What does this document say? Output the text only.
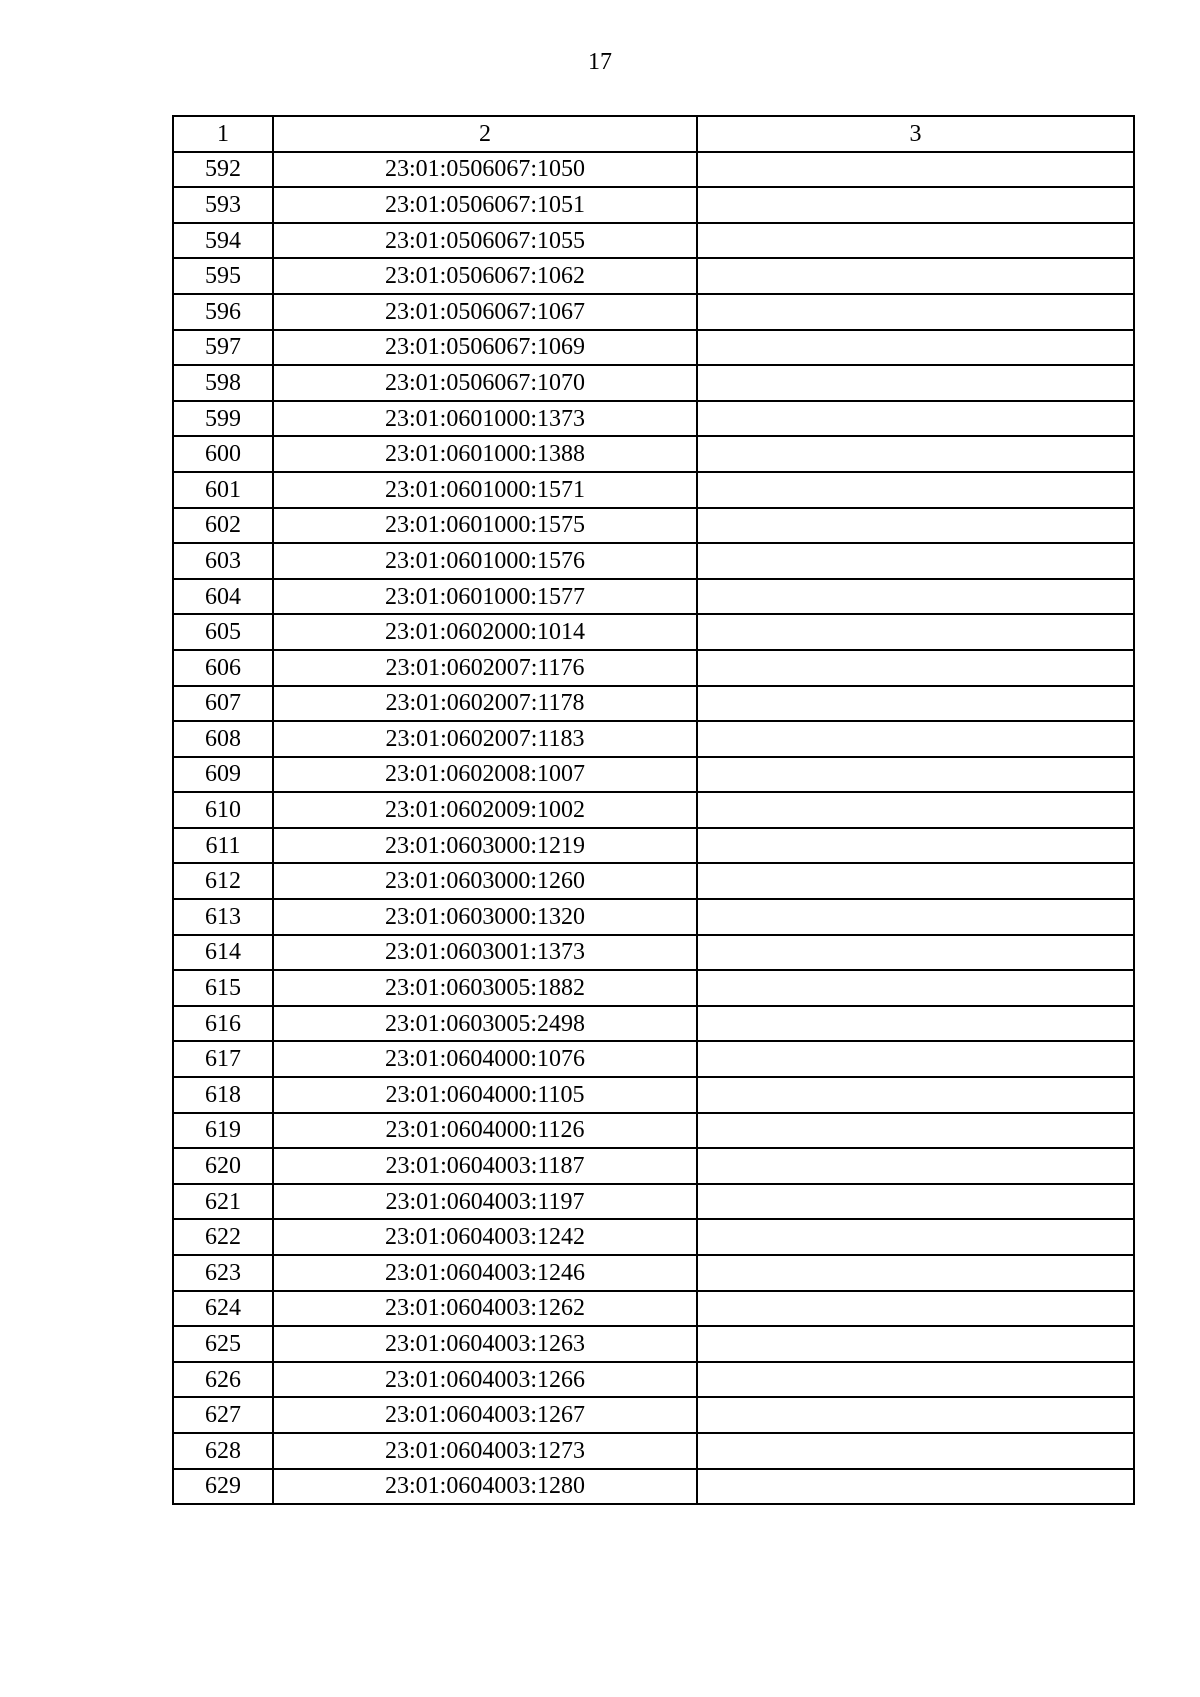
17
1	2	3
592	23:01:0506067:1050	
593	23:01:0506067:1051	
594	23:01:0506067:1055	
595	23:01:0506067:1062	
596	23:01:0506067:1067	
597	23:01:0506067:1069	
598	23:01:0506067:1070	
599	23:01:0601000:1373	
600	23:01:0601000:1388	
601	23:01:0601000:1571	
602	23:01:0601000:1575	
603	23:01:0601000:1576	
604	23:01:0601000:1577	
605	23:01:0602000:1014	
606	23:01:0602007:1176	
607	23:01:0602007:1178	
608	23:01:0602007:1183	
609	23:01:0602008:1007	
610	23:01:0602009:1002	
611	23:01:0603000:1219	
612	23:01:0603000:1260	
613	23:01:0603000:1320	
614	23:01:0603001:1373	
615	23:01:0603005:1882	
616	23:01:0603005:2498	
617	23:01:0604000:1076	
618	23:01:0604000:1105	
619	23:01:0604000:1126	
620	23:01:0604003:1187	
621	23:01:0604003:1197	
622	23:01:0604003:1242	
623	23:01:0604003:1246	
624	23:01:0604003:1262	
625	23:01:0604003:1263	
626	23:01:0604003:1266	
627	23:01:0604003:1267	
628	23:01:0604003:1273	
629	23:01:0604003:1280	
